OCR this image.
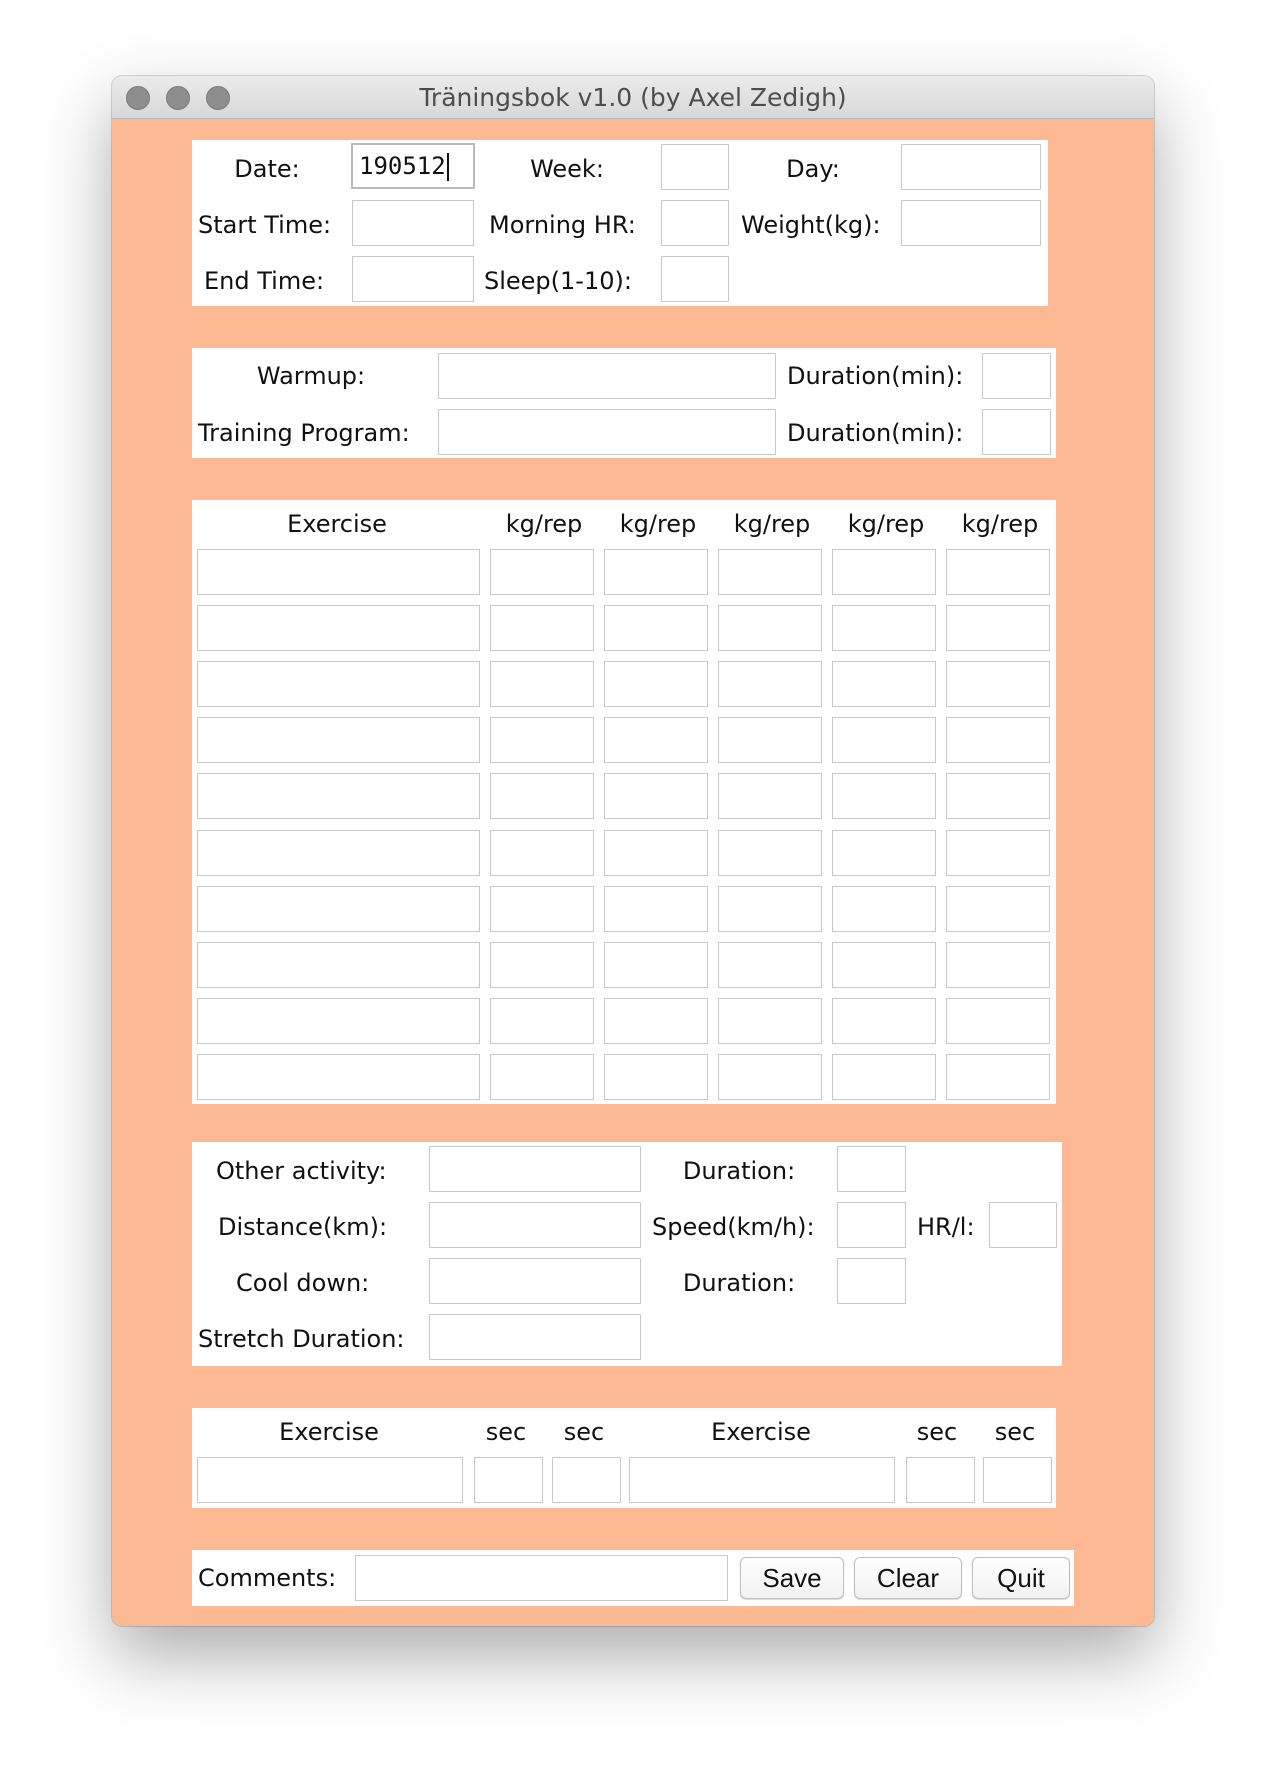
Träningsbok v1.0 (by Axel Zedigh)
Date:	190512	Week:	Day:
Start Time:	Morning HR:	Weight(kg):
End Time:	Sleep(1-10):
Warmup:	Duration(min):
Training Program:	Duration(min):
Exercise	kg/rep kg/rep kg/rep kg/rep kg/rep
Other activity:	Duration:
Distance(km):	Speed(km/h):	HR/l:
Cool down:	Duration:
Stretch Duration:
Exercise	sec sec	Exercise	sec sec
Comments:	Save	Clear	Quit
